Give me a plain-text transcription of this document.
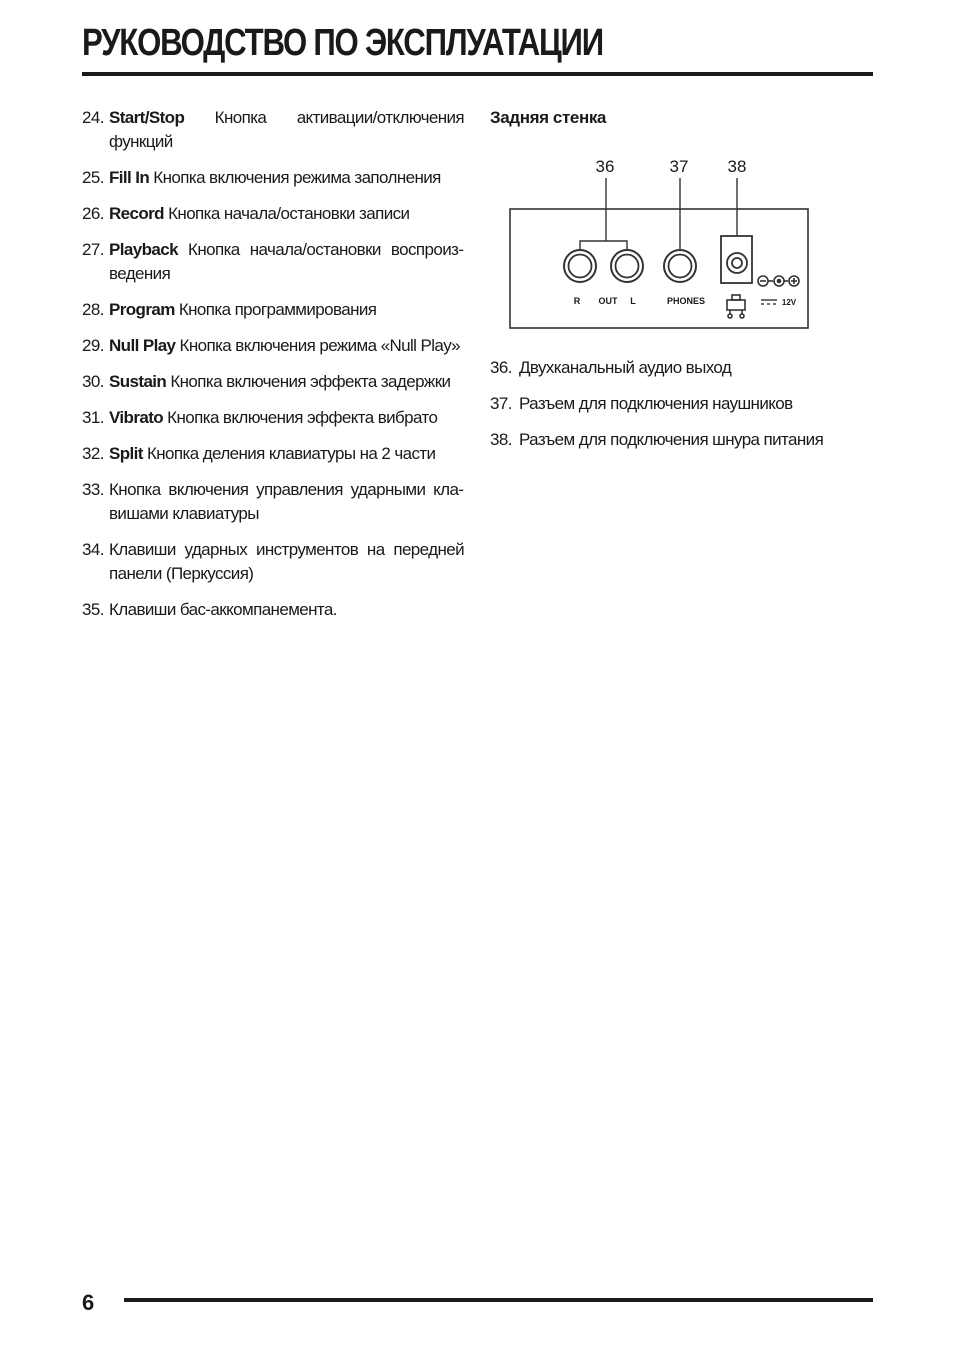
РУКОВОДСТВО ПО ЭКСПЛУАТАЦИИ
24. Start/Stop Кнопка активации/отключения функций
25. Fill In Кнопка включения режима заполнения
26. Record Кнопка начала/остановки записи
27. Playback Кнопка начала/остановки воспроизведения
28. Program Кнопка программирования
29. Null Play Кнопка включения режима «Null Play»
30. Sustain Кнопка включения эффекта задержки
31. Vibrato Кнопка включения эффекта вибрато
32. Split Кнопка деления клавиатуры на 2 части
33. Кнопка включения управления ударными клавишами клавиатуры
34. Клавиши ударных инструментов на передней панели (Перкуссия)
35. Клавиши бас-аккомпанемента.
Задняя стенка
36	37 38
R OUT L	PHONES	12V
36. Двухканальный аудио выход
37. Разъем для подключения наушников
38. Разъем для подключения шнура питания
6
